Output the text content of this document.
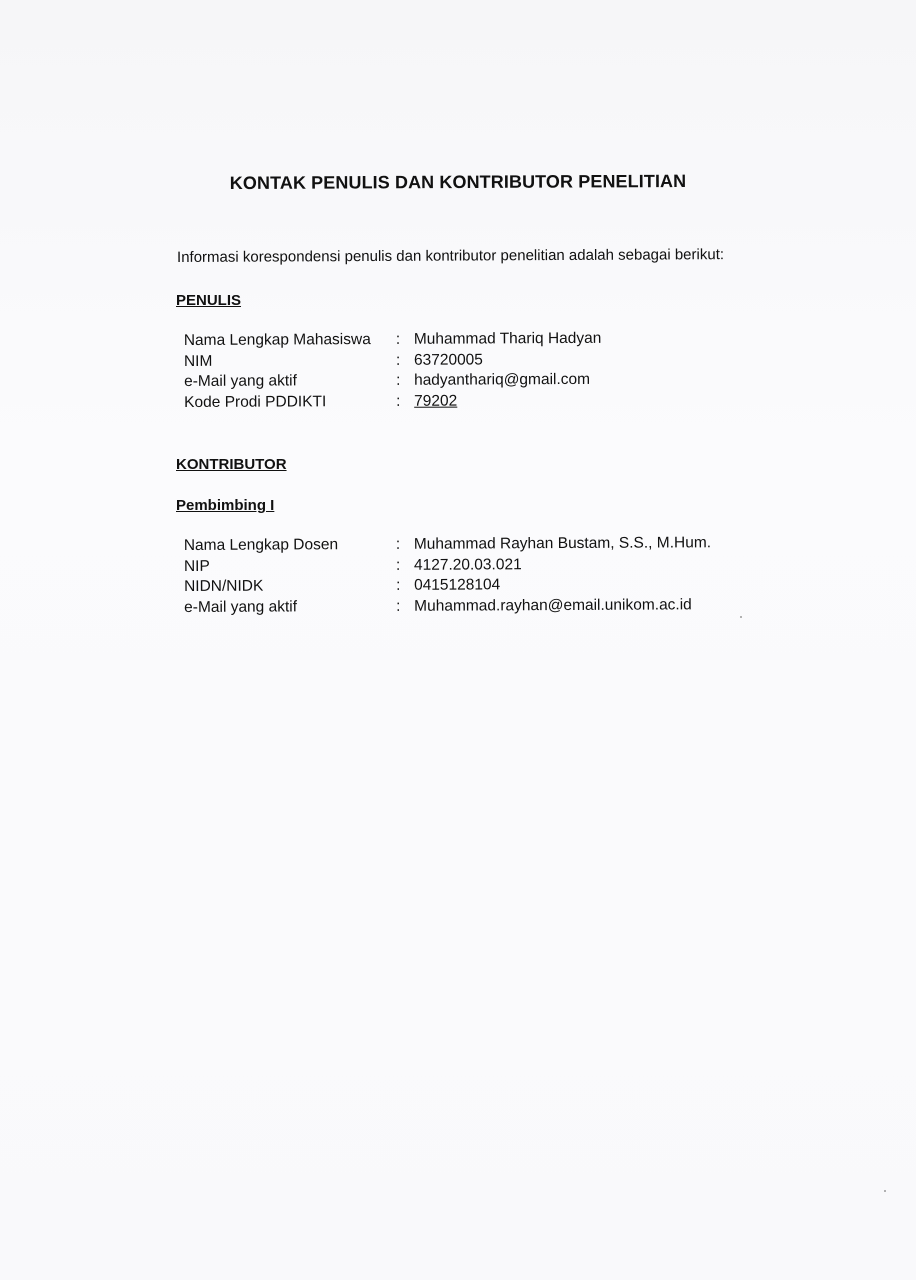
KONTAK PENULIS DAN KONTRIBUTOR PENELITIAN
Informasi korespondensi penulis dan kontributor penelitian adalah sebagai berikut:
PENULIS
Nama Lengkap Mahasiswa	: Muhammad Thariq Hadyan
NIM	: 63720005
e-Mail yang aktif	: hadyanthariq@gmail.com
Kode Prodi PDDIKTI	: 79202
KONTRIBUTOR
Pembimbing I
Nama Lengkap Dosen	: Muhammad Rayhan Bustam, S.S., M.Hum.
NIP	: 4127.20.03.021
NIDN/NIDK	: 0415128104
e-Mail yang aktif	: Muhammad.rayhan@email.unikom.ac.id
